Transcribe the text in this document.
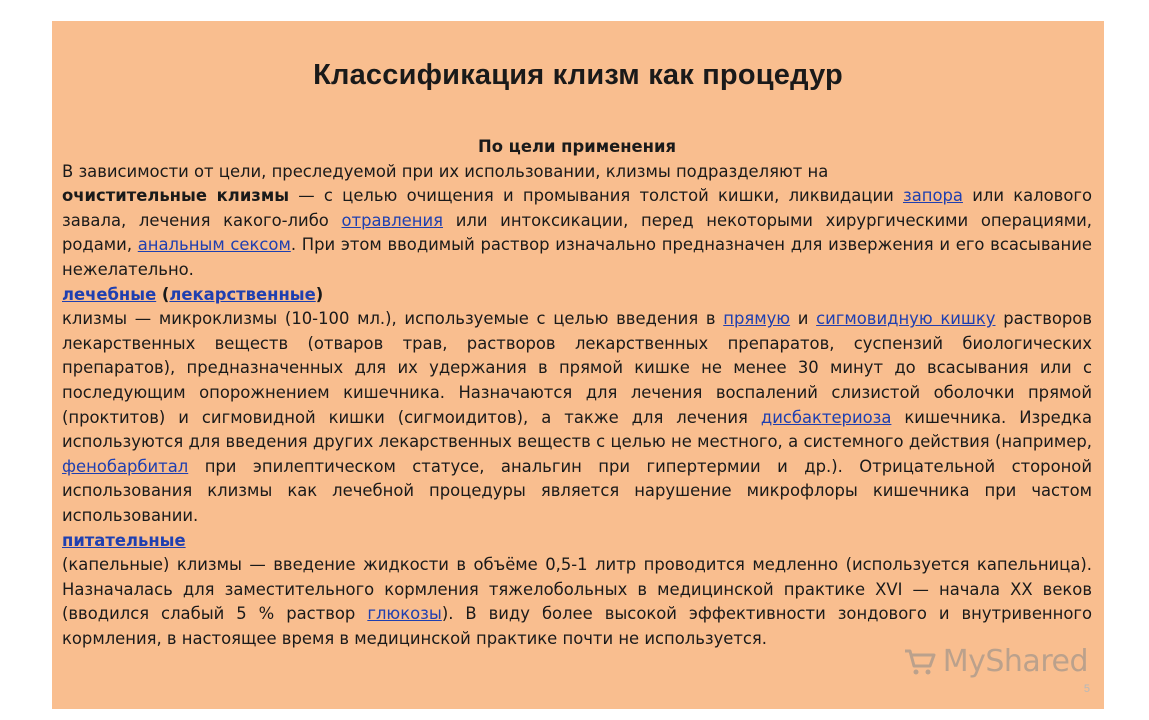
Классификация клизм как процедур

По цели применения

В зависимости от цели, преследуемой при их использовании, клизмы подразделяют на

очистительные клизмы — с целью очищения и промывания толстой кишки, ликвидации запора или калового завала, лечения какого-либо отравления или интоксикации, перед некоторыми хирургическими операциями, родами, анальным сексом. При этом вводимый раствор изначально предназначен для извержения и его всасывание нежелательно.

лечебные (лекарственные)

клизмы — микроклизмы (10-100 мл.), используемые с целью введения в прямую и сигмовидную кишку растворов лекарственных веществ (отваров трав, растворов лекарственных препаратов, суспензий биологических препаратов), предназначенных для их удержания в прямой кишке не менее 30 минут до всасывания или с последующим опорожнением кишечника. Назначаются для лечения воспалений слизистой оболочки прямой (проктитов) и сигмовидной кишки (сигмоидитов), а также для лечения дисбактериоза кишечника. Изредка используются для введения других лекарственных веществ с целью не местного, а системного действия (например, фенобарбитал при эпилептическом статусе, анальгин при гипертермии и др.). Отрицательной стороной использования клизмы как лечебной процедуры является нарушение микрофлоры кишечника при частом использовании.

питательные

(капельные) клизмы — введение жидкости в объёме 0,5-1 литр проводится медленно (используется капельница). Назначалась для заместительного кормления тяжелобольных в медицинской практике XVI — начала XX веков (вводился слабый 5 % раствор глюкозы). В виду более высокой эффективности зондового и внутривенного кормления, в настоящее время в медицинской практике почти не используется.

MyShared
5
